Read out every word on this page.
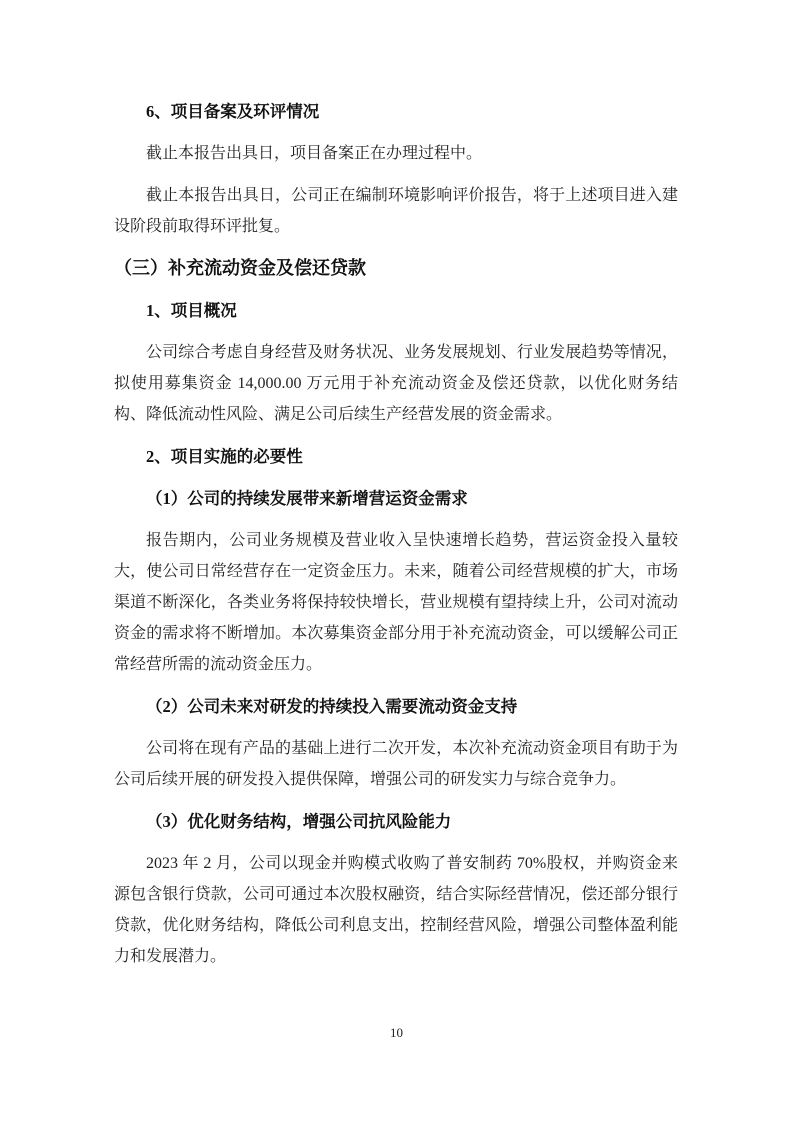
6、项目备案及环评情况

截止本报告出具日，项目备案正在办理过程中。

截止本报告出具日，公司正在编制环境影响评价报告，将于上述项目进入建设阶段前取得环评批复。

（三）补充流动资金及偿还贷款
1、项目概况

公司综合考虑自身经营及财务状况、业务发展规划、行业发展趋势等情况，拟使用募集资金 14,000.00 万元用于补充流动资金及偿还贷款，以优化财务结构、降低流动性风险、满足公司后续生产经营发展的资金需求。

2、项目实施的必要性
（1）公司的持续发展带来新增营运资金需求

报告期内，公司业务规模及营业收入呈快速增长趋势，营运资金投入量较大，使公司日常经营存在一定资金压力。未来，随着公司经营规模的扩大，市场渠道不断深化，各类业务将保持较快增长，营业规模有望持续上升，公司对流动资金的需求将不断增加。本次募集资金部分用于补充流动资金，可以缓解公司正常经营所需的流动资金压力。

（2）公司未来对研发的持续投入需要流动资金支持

公司将在现有产品的基础上进行二次开发，本次补充流动资金项目有助于为公司后续开展的研发投入提供保障，增强公司的研发实力与综合竞争力。

（3）优化财务结构，增强公司抗风险能力

2023 年 2 月，公司以现金并购模式收购了普安制药 70%股权，并购资金来源包含银行贷款，公司可通过本次股权融资，结合实际经营情况，偿还部分银行贷款，优化财务结构，降低公司利息支出，控制经营风险，增强公司整体盈利能力和发展潜力。

10
